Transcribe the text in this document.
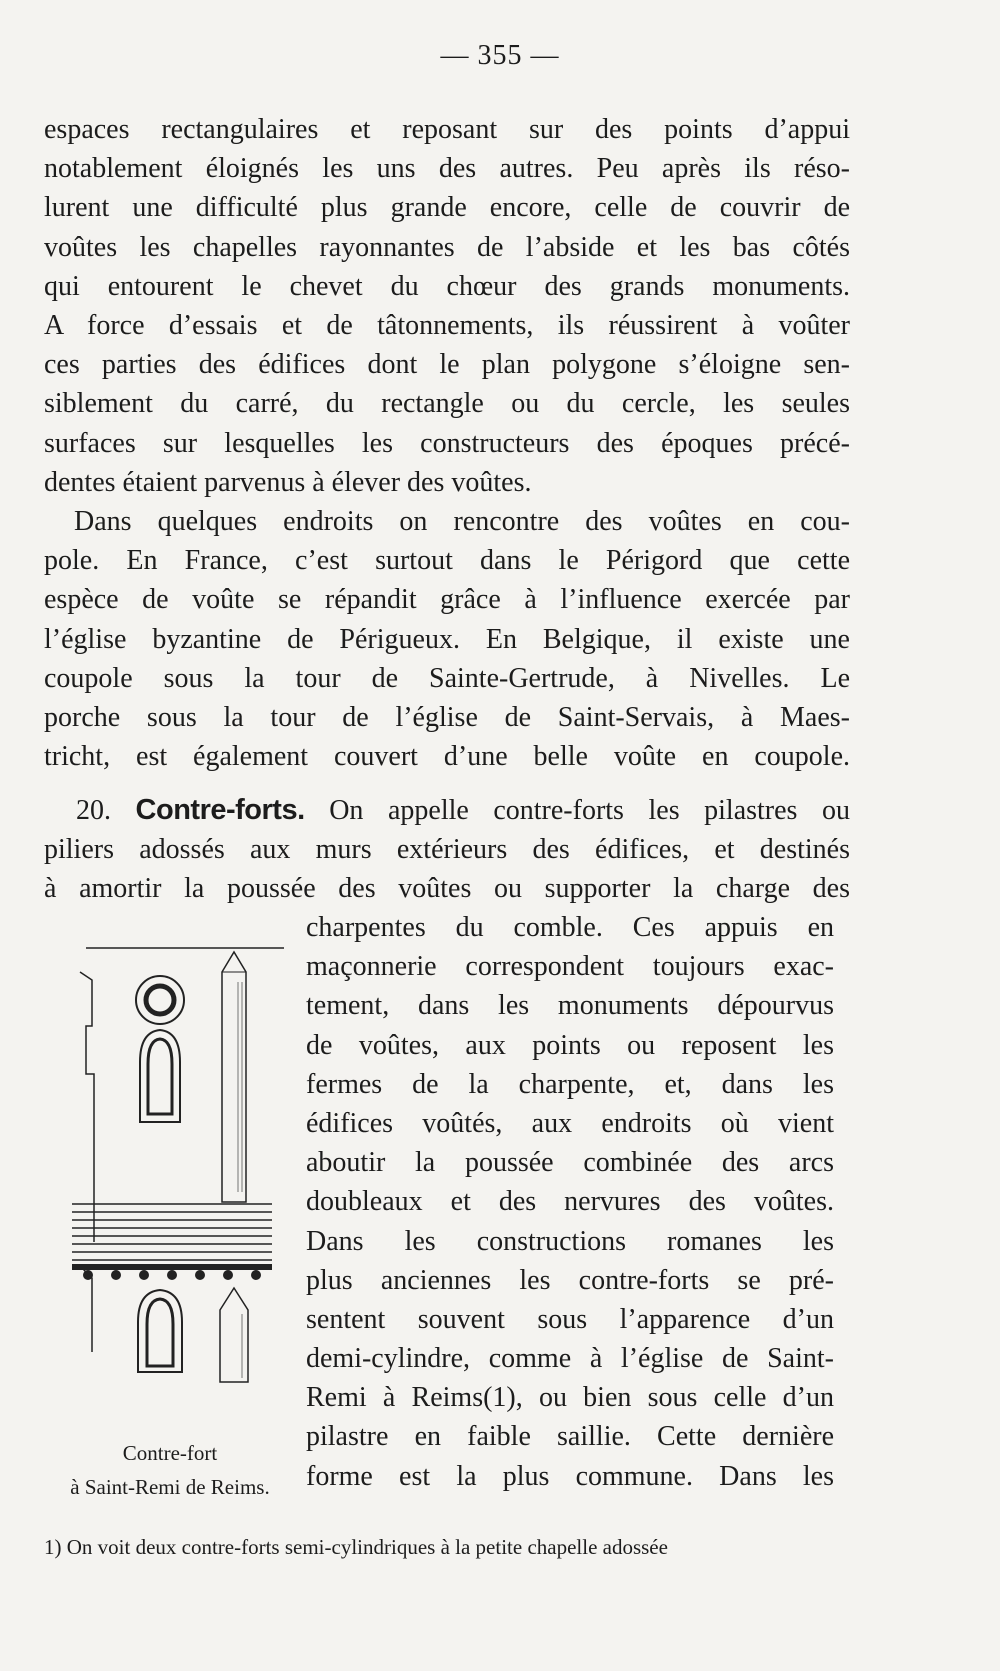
— 355 —
espaces rectangulaires et reposant sur des points d’appui
notablement éloignés les uns des autres. Peu après ils réso-
lurent une difficulté plus grande encore, celle de couvrir de
voûtes les chapelles rayonnantes de l’abside et les bas côtés
qui entourent le chevet du chœur des grands monuments.
A force d’essais et de tâtonnements, ils réussirent à voûter
ces parties des édifices dont le plan polygone s’éloigne sen-
siblement du carré, du rectangle ou du cercle, les seules
surfaces sur lesquelles les constructeurs des époques précé-
dentes étaient parvenus à élever des voûtes.
Dans quelques endroits on rencontre des voûtes en cou-
pole. En France, c’est surtout dans le Périgord que cette
espèce de voûte se répandit grâce à l’influence exercée par
l’église byzantine de Périgueux. En Belgique, il existe une
coupole sous la tour de Sainte-Gertrude, à Nivelles. Le
porche sous la tour de l’église de Saint-Servais, à Maes-
tricht, est également couvert d’une belle voûte en coupole.
20. Contre-forts. On appelle contre-forts les pilastres ou
piliers adossés aux murs extérieurs des édifices, et destinés
à amortir la poussée des voûtes ou supporter la charge des
charpentes du comble. Ces appuis en
maçonnerie correspondent toujours exac-
tement, dans les monuments dépourvus
de voûtes, aux points ou reposent les
fermes de la charpente, et, dans les
édifices voûtés, aux endroits où vient
aboutir la poussée combinée des arcs
doubleaux et des nervures des voûtes.
Dans les constructions romanes les
plus anciennes les contre-forts se pré-
sentent souvent sous l’apparence d’un
demi-cylindre, comme à l’église de Saint-
Remi à Reims(1), ou bien sous celle d’un
pilastre en faible saillie. Cette dernière
forme est la plus commune. Dans les
Contre-fort
à Saint-Remi de Reims.
1) On voit deux contre-forts semi-cylindriques à la petite chapelle adossée
